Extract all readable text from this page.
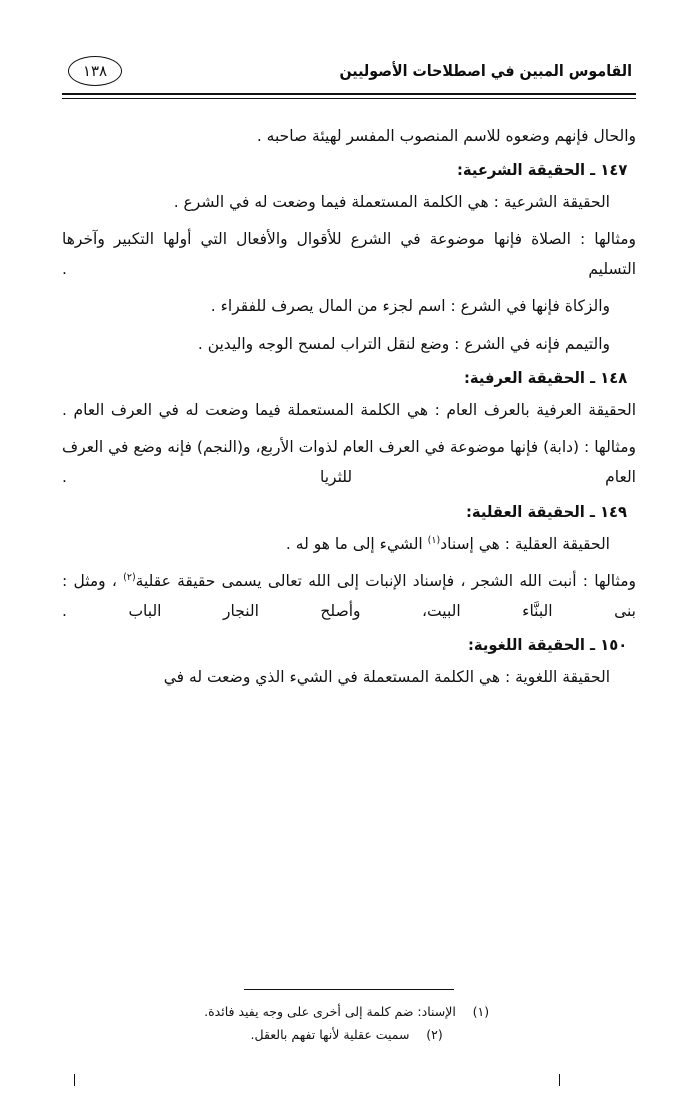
القاموس المبين في اصطلاحات الأصوليين
١٣٨

والحال فإنهم وضعوه للاسم المنصوب المفسر لهيئة صاحبه .

١٤٧ ـ الحقيقة الشرعية:

الحقيقة الشرعية : هي الكلمة المستعملة فيما وضعت له في الشرع .

ومثالها : الصلاة فإنها موضوعة في الشرع للأقوال والأفعال التي أولها التكبير وآخرها التسليم .

والزكاة فإنها في الشرع : اسم لجزء من المال يصرف للفقراء .

والتيمم فإنه في الشرع : وضع لنقل التراب لمسح الوجه واليدين .

١٤٨ ـ الحقيقة العرفية:

الحقيقة العرفية بالعرف العام : هي الكلمة المستعملة فيما وضعت له في العرف العام .

ومثالها : (دابة) فإنها موضوعة في العرف العام لذوات الأربع، و(النجم) فإنه وضع في العرف العام للثريا .

١٤٩ ـ الحقيقة العقلية:

الحقيقة العقلية : هي إسناد$^{(١)}$ الشيء إلى ما هو له .

ومثالها : أنبت الله الشجر ، فإسناد الإنبات إلى الله تعالى يسمى حقيقة عقلية$^{(٢)}$ ، ومثل : بنى البنَّاء البيت، وأصلح النجار الباب .

١٥٠ ـ الحقيقة اللغوية:

الحقيقة اللغوية : هي الكلمة المستعملة في الشيء الذي وضعت له في

(١)
الإسناد: ضم كلمة إلى أخرى على وجه يفيد فائدة.
(٢)
سميت عقلية لأنها تفهم بالعقل.
